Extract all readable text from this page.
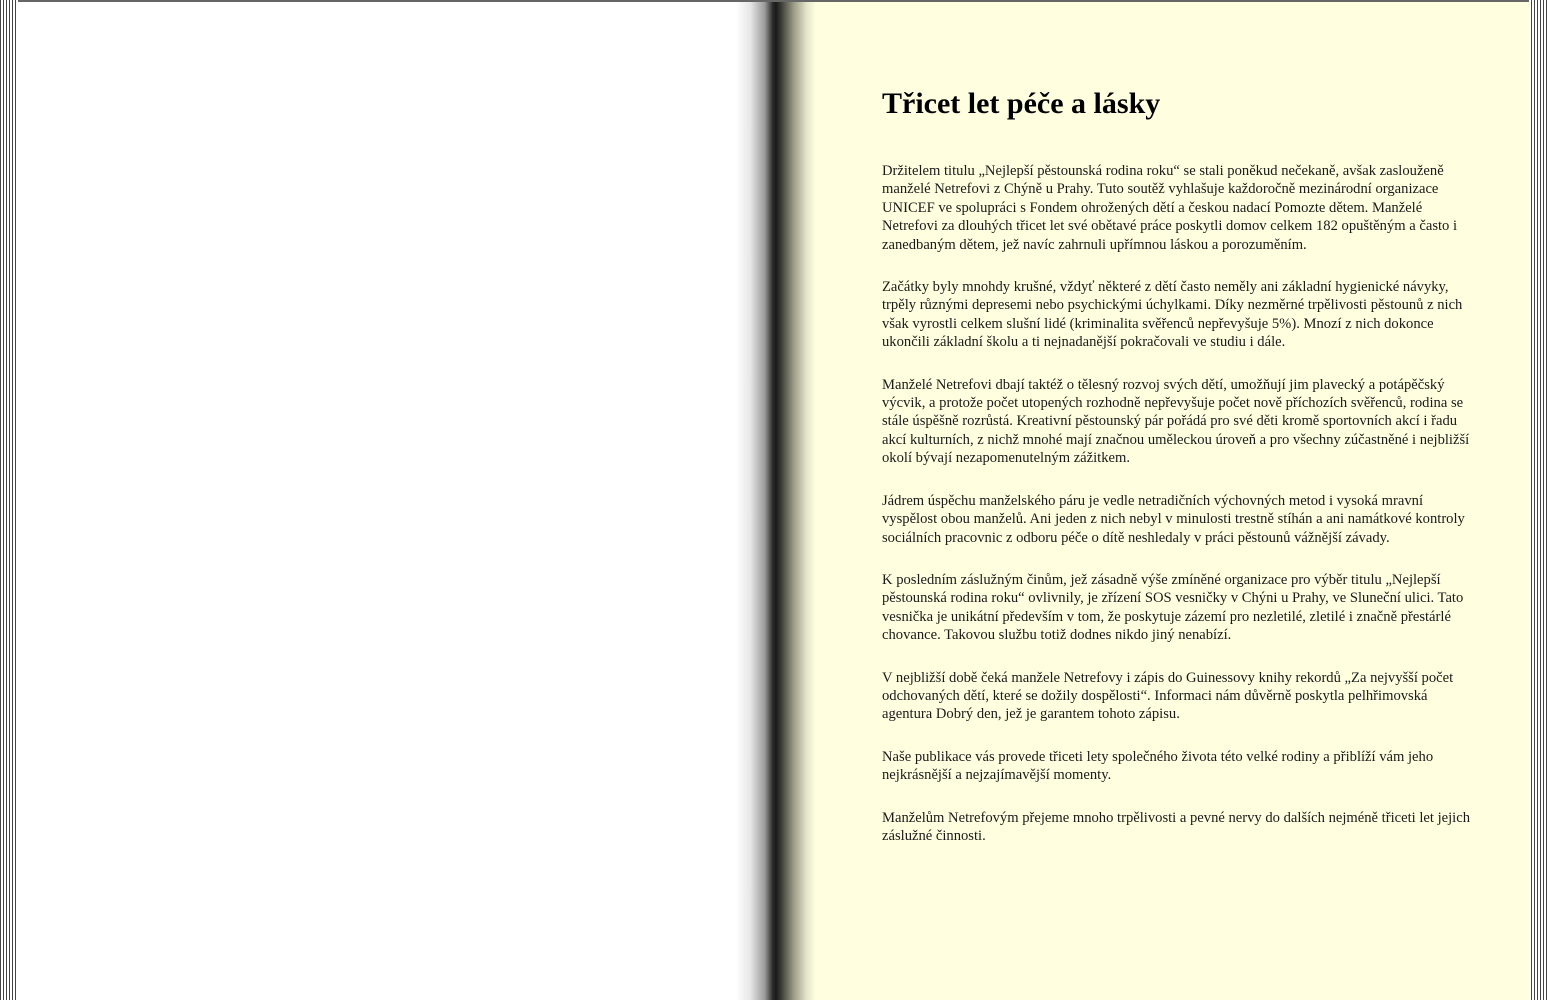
Třicet let péče a lásky

Držitelem titulu „Nejlepší pěstounská rodina roku“ se stali poněkud nečekaně, avšak zaslouženě manželé Netrefovi z Chýně u Prahy. Tuto soutěž vyhlašuje každoročně mezinárodní organizace UNICEF ve spolupráci s Fondem ohrožených dětí a českou nadací Pomozte dětem. Manželé Netrefovi za dlouhých třicet let své obětavé práce poskytli domov celkem 182 opuštěným a často i zanedbaným dětem, jež navíc zahrnuli upřímnou láskou a porozuměním.

Začátky byly mnohdy krušné, vždyť některé z dětí často neměly ani základní hygienické návyky, trpěly různými depresemi nebo psychickými úchylkami. Díky nezměrné trpělivosti pěstounů z nich však vyrostli celkem slušní lidé (kriminalita svěřenců nepřevyšuje 5%). Mnozí z nich dokonce ukončili základní školu a ti nejnadanější pokračovali ve studiu i dále.

Manželé Netrefovi dbají taktéž o tělesný rozvoj svých dětí, umožňují jim plavecký a potápěčský výcvik, a protože počet utopených rozhodně nepřevyšuje počet nově příchozích svěřenců, rodina se stále úspěšně rozrůstá. Kreativní pěstounský pár pořádá pro své děti kromě sportovních akcí i řadu akcí kulturních, z nichž mnohé mají značnou uměleckou úroveň a pro všechny zúčastněné i nejbližší okolí bývají nezapomenutelným zážitkem.

Jádrem úspěchu manželského páru je vedle netradičních výchovných metod i vysoká mravní vyspělost obou manželů. Ani jeden z nich nebyl v minulosti trestně stíhán a ani namátkové kontroly sociálních pracovnic z odboru péče o dítě neshledaly v práci pěstounů vážnější závady.

K posledním záslužným činům, jež zásadně výše zmíněné organizace pro výběr titulu „Nejlepší pěstounská rodina roku“ ovlivnily, je zřízení SOS vesničky v Chýni u Prahy, ve Sluneční ulici. Tato vesnička je unikátní především v tom, že poskytuje zázemí pro nezletilé, zletilé i značně přestárlé chovance. Takovou službu totiž dodnes nikdo jiný nenabízí.

V nejbližší době čeká manžele Netrefovy i zápis do Guinessovy knihy rekordů „Za nejvyšší počet odchovaných dětí, které se dožily dospělosti“. Informaci nám důvěrně poskytla pelhřimovská agentura Dobrý den, jež je garantem tohoto zápisu.

Naše publikace vás provede třiceti lety společného života této velké rodiny a přiblíží vám jeho nejkrásnější a nejzajímavější momenty.

Manželům Netrefovým přejeme mnoho trpělivosti a pevné nervy do dalších nejméně třiceti let jejich záslužné činnosti.
